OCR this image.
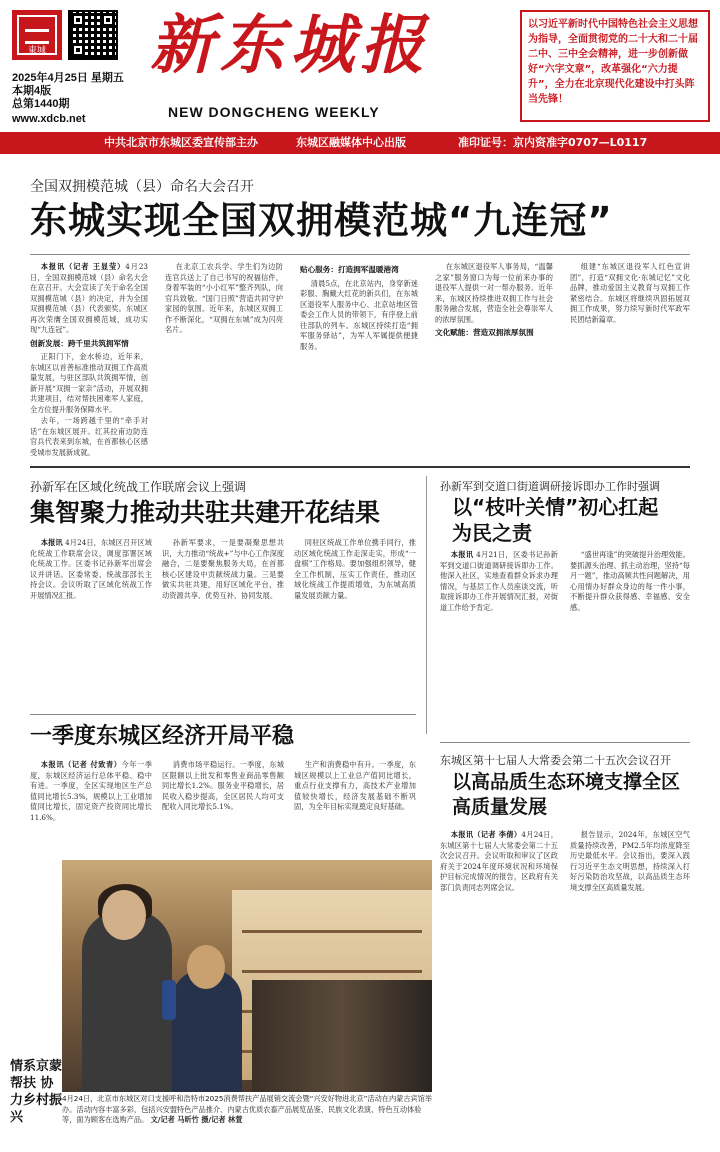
東城
2025年4月25日 星期五
本期4版
总第1440期
www.xdcb.net
新东城报
NEW DONGCHENG WEEKLY
以习近平新时代中国特色社会主义思想为指导，全面贯彻党的二十大和二十届二中、三中全会精神，进一步创新做好“六字文章”，改革强化“六力提升”，全力在北京现代化建设中打头阵当先锋！
中共北京市东城区委宣传部主办	东城区融媒体中心出版	准印证号：京内资准字0707—L0117
全国双拥模范城（县）命名大会召开
东城实现全国双拥模范城“九连冠”

本报讯（记者 王显莹）4月23日，全国双拥模范城（县）命名大会在京召开。大会宣读了关于命名全国双拥模范城（县）的决定，并为全国双拥模范城（县）代表颁奖。东城区再次荣膺全国双拥模范城，成功实现“九连冠”。

创新发展：跨千里共筑拥军情

正阳门下，金水桥边，近年来，东城区以首善标准推动双拥工作高质量发展，与驻区部队共筑拥军情，创新开展“双拥一家亲”活动，开展双拥共建项目，结对帮扶困难军人家庭，全方位提升服务保障水平。

去年，一场跨越千里的“牵手对话”在东城区展开。红其拉甫边防连官兵代表来到东城，在首都核心区感受城市发展新成就。

在北京工农兵学、学生们为边防连官兵送上了自己书写的祝福信件，身着军装的“小小红军”整齐列队，向官兵致敬。“国门日照”营造共同守护家园的氛围。近年来，东城区双拥工作不断深化，“双拥在东城”成为闪亮名片。

贴心服务：打造拥军温暖港湾

清晨5点，在北京站内，身穿新迷彩服、胸戴大红花的新兵们，在东城区退役军人服务中心、北京站地区管委会工作人员的带领下，有序登上前往部队的列车。东城区持续打造“拥军服务驿站”，为军人军属提供便捷服务。

在东城区退役军人事务局，“温馨之家”服务窗口为每一位前来办事的退役军人提供一对一帮办服务。近年来，东城区持续推进双拥工作与社会服务融合发展，营造全社会尊崇军人的浓厚氛围。

文化赋能：营造双拥浓厚氛围

组建“东城区退役军人红色宣讲团”，打造“双拥文化·东城记忆”文化品牌，推动爱国主义教育与双拥工作紧密结合。东城区将继续巩固拓展双拥工作成果，努力续写新时代军政军民团结新篇章。

孙新军在区域化统战工作联席会议上强调
集智聚力推动共驻共建开花结果

本报讯 4月24日，东城区召开区域化统战工作联席会议，调度部署区域化统战工作。区委书记孙新军出席会议并讲话。区委常委、统战部部长主持会议。会议听取了区域化统战工作开展情况汇报。

孙新军要求，一是要凝聚思想共识，大力推动“统战+”与中心工作深度融合，二是要聚焦服务大局，在首都核心区建设中贡献统战力量。三是要做实共驻共建，用好区域化平台，推动资源共享、优势互补、协同发展。

同驻区统战工作单位携手同行，推动区域化统战工作走深走实，形成“一盘棋”工作格局。要加强组织领导，健全工作机制，压实工作责任，推动区域化统战工作提质增效，为东城高质量发展贡献力量。

孙新军到交道口街道调研接诉即办工作时强调
以“枝叶关情”初心扛起为民之责

本报讯 4月21日，区委书记孙新军到交道口街道调研接诉即办工作。他深入社区，实地查看群众诉求办理情况，与基层工作人员座谈交流，听取接诉即办工作开展情况汇报，对街道工作给予肯定。

“盛世再逢”的突破提升治理效能。要抓源头治理、抓主动治理，坚持“每月一题”，推动高频共性问题解决，用心用情办好群众身边的每一件小事，不断提升群众获得感、幸福感、安全感。

一季度东城区经济开局平稳

本报讯（记者 付致青）今年一季度，东城区经济运行总体平稳、稳中有进。一季度，全区实现地区生产总值同比增长5.3%，规模以上工业增加值同比增长，固定资产投资同比增长11.6%。

消费市场平稳运行。一季度，东城区限额以上批发和零售业商品零售额同比增长1.2%。服务业平稳增长，居民收入稳步提高，全区居民人均可支配收入同比增长5.1%。

生产和消费稳中有升。一季度，东城区规模以上工业总产值同比增长，重点行业支撑有力，高技术产业增加值较快增长，经济发展基础不断巩固，为全年目标实现奠定良好基础。

东城区第十七届人大常委会第二十五次会议召开
以高品质生态环境支撑全区高质量发展

本报讯（记者 李倩）4月24日，东城区第十七届人大常委会第二十五次会议召开。会议听取和审议了区政府关于2024年度环境状况和环境保护目标完成情况的报告，区政府有关部门负责同志列席会议。

报告显示，2024年，东城区空气质量持续改善，PM2.5年均浓度降至历史最低水平。会议指出，要深入践行习近平生态文明思想，持续深入打好污染防治攻坚战，以高品质生态环境支撑全区高质量发展。

情系京蒙帮扶 协力乡村振兴
4月24日，北京市东城区对口支援呼和浩特市2025消费帮扶产品展销交流会暨“兴安好物进北京”活动在内蒙古宾馆举办。活动内容丰富多彩，包括兴安盟特色产品推介、内蒙古优质农畜产品展览品鉴、民族文化表演、特色互动体验等，面为顾客在选购产品。 文/记者 马昕竹 摄/记者 林萱
